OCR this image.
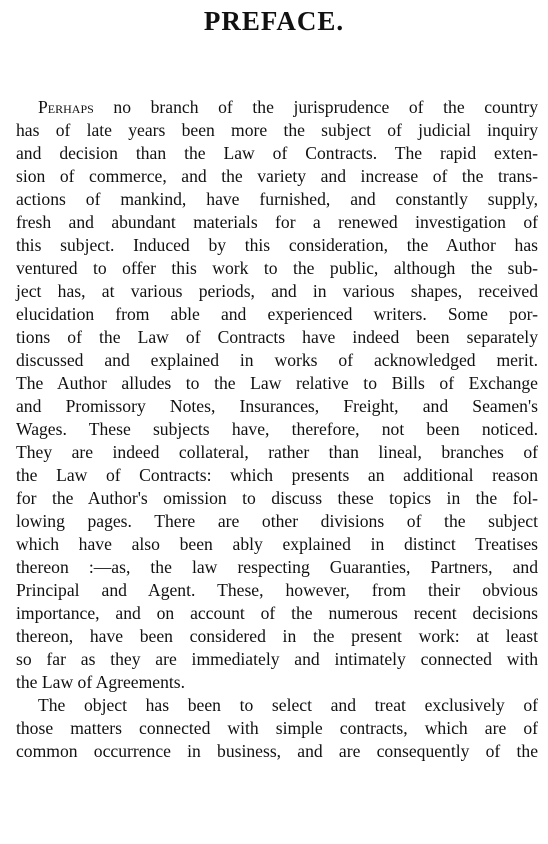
PREFACE.
Perhaps no branch of the jurisprudence of the country
has of late years been more the subject of judicial inquiry
and decision than the Law of Contracts. The rapid exten-
sion of commerce, and the variety and increase of the trans-
actions of mankind, have furnished, and constantly supply,
fresh and abundant materials for a renewed investigation of
this subject. Induced by this consideration, the Author has
ventured to offer this work to the public, although the sub-
ject has, at various periods, and in various shapes, received
elucidation from able and experienced writers. Some por-
tions of the Law of Contracts have indeed been separately
discussed and explained in works of acknowledged merit.
The Author alludes to the Law relative to Bills of Exchange
and Promissory Notes, Insurances, Freight, and Seamen's
Wages. These subjects have, therefore, not been noticed.
They are indeed collateral, rather than lineal, branches of
the Law of Contracts: which presents an additional reason
for the Author's omission to discuss these topics in the fol-
lowing pages. There are other divisions of the subject
which have also been ably explained in distinct Treatises
thereon :—as, the law respecting Guaranties, Partners, and
Principal and Agent. These, however, from their obvious
importance, and on account of the numerous recent decisions
thereon, have been considered in the present work: at least
so far as they are immediately and intimately connected with
the Law of Agreements.
The object has been to select and treat exclusively of
those matters connected with simple contracts, which are of
common occurrence in business, and are consequently of the
